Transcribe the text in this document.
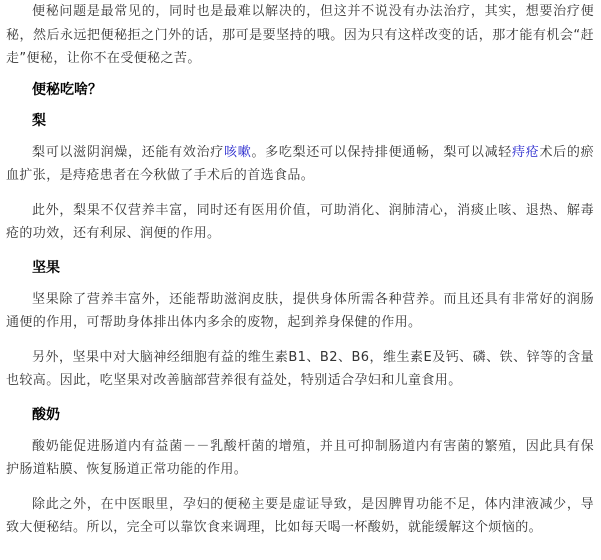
便秘问题是最常见的，同时也是最难以解决的，但这并不说没有办法治疗，其实，想要治疗便秘，然后永远把便秘拒之门外的话，那可是要坚持的哦。因为只有这样改变的话，那才能有机会“赶走”便秘，让你不在受便秘之苦。

便秘吃啥？
梨

梨可以滋阴润燥，还能有效治疗咳嗽。多吃梨还可以保持排便通畅，梨可以减轻痔疮术后的瘀血扩张，是痔疮患者在今秋做了手术后的首选食品。

此外，梨果不仅营养丰富，同时还有医用价值，可助消化、润肺清心，消痰止咳、退热、解毒疮的功效，还有利尿、润便的作用。

坚果

坚果除了营养丰富外，还能帮助滋润皮肤，提供身体所需各种营养。而且还具有非常好的润肠通便的作用，可帮助身体排出体内多余的废物，起到养身保健的作用。

另外，坚果中对大脑神经细胞有益的维生素B1、B2、B6，维生素E及钙、磷、铁、锌等的含量也较高。因此，吃坚果对改善脑部营养很有益处，特别适合孕妇和儿童食用。

酸奶

酸奶能促进肠道内有益菌－－乳酸杆菌的增殖，并且可抑制肠道内有害菌的繁殖，因此具有保护肠道粘膜、恢复肠道正常功能的作用。

除此之外，在中医眼里，孕妇的便秘主要是虚证导致，是因脾胃功能不足，体内津液减少，导致大便秘结。所以，完全可以靠饮食来调理，比如每天喝一杯酸奶，就能缓解这个烦恼的。
